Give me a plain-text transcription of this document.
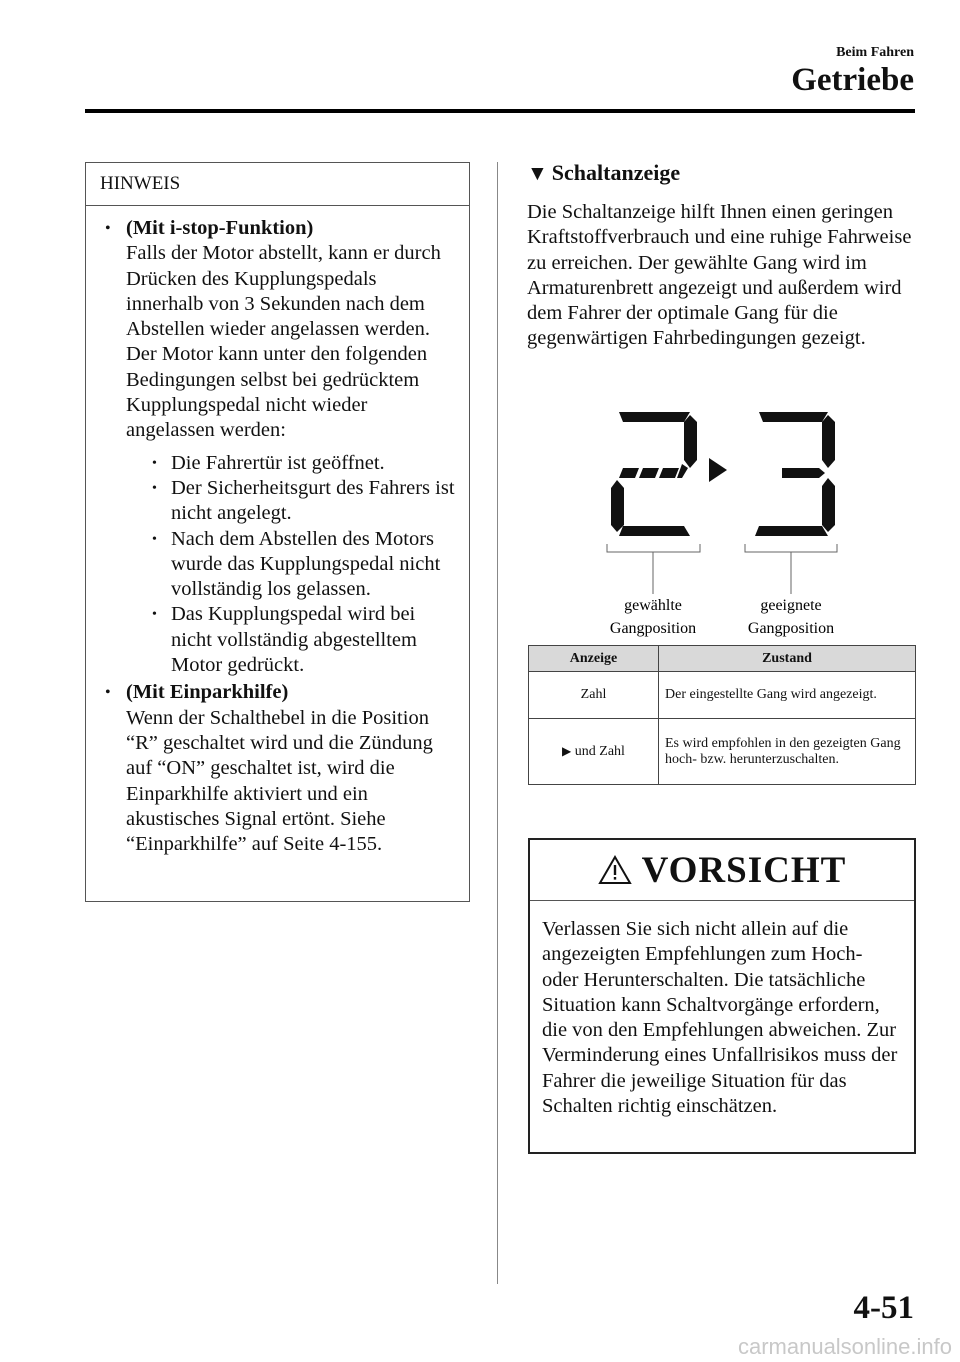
Beim Fahren
Getriebe
HINWEIS
• (Mit i-stop-Funktion)
Falls der Motor abstellt, kann er durch Drücken des Kupplungspedals innerhalb von 3 Sekunden nach dem Abstellen wieder angelassen werden. Der Motor kann unter den folgenden Bedingungen selbst bei gedrücktem Kupplungspedal nicht wieder angelassen werden:
• Die Fahrertür ist geöffnet.
• Der Sicherheitsgurt des Fahrers ist nicht angelegt.
• Nach dem Abstellen des Motors wurde das Kupplungspedal nicht vollständig los gelassen.
• Das Kupplungspedal wird bei nicht vollständig abgestelltem Motor gedrückt.
• (Mit Einparkhilfe)
Wenn der Schalthebel in die Position “R” geschaltet wird und die Zündung auf “ON” geschaltet ist, wird die Einparkhilfe aktiviert und ein akustisches Signal ertönt. Siehe “Einparkhilfe” auf Seite 4-155.
▼ Schaltanzeige
Die Schaltanzeige hilft Ihnen einen geringen Kraftstoffverbrauch und eine ruhige Fahrweise zu erreichen. Der gewählte Gang wird im Armaturenbrett angezeigt und außerdem wird dem Fahrer der optimale Gang für die gegenwärtigen Fahrbedingungen gezeigt.
gewählte
Gangposition
geeignete
Gangposition
Anzeige	Zustand
Zahl	Der eingestellte Gang wird angezeigt.
▶ und Zahl	Es wird empfohlen in den gezeigten Gang hoch- bzw. herunterzuschalten.
VORSICHT
Verlassen Sie sich nicht allein auf die angezeigten Empfehlungen zum Hoch- oder Herunterschalten. Die tatsächliche Situation kann Schaltvorgänge erfordern, die von den Empfehlungen abweichen. Zur Verminderung eines Unfallrisikos muss der Fahrer die jeweilige Situation für das Schalten richtig einschätzen.
4-51
carmanualsonline.info
